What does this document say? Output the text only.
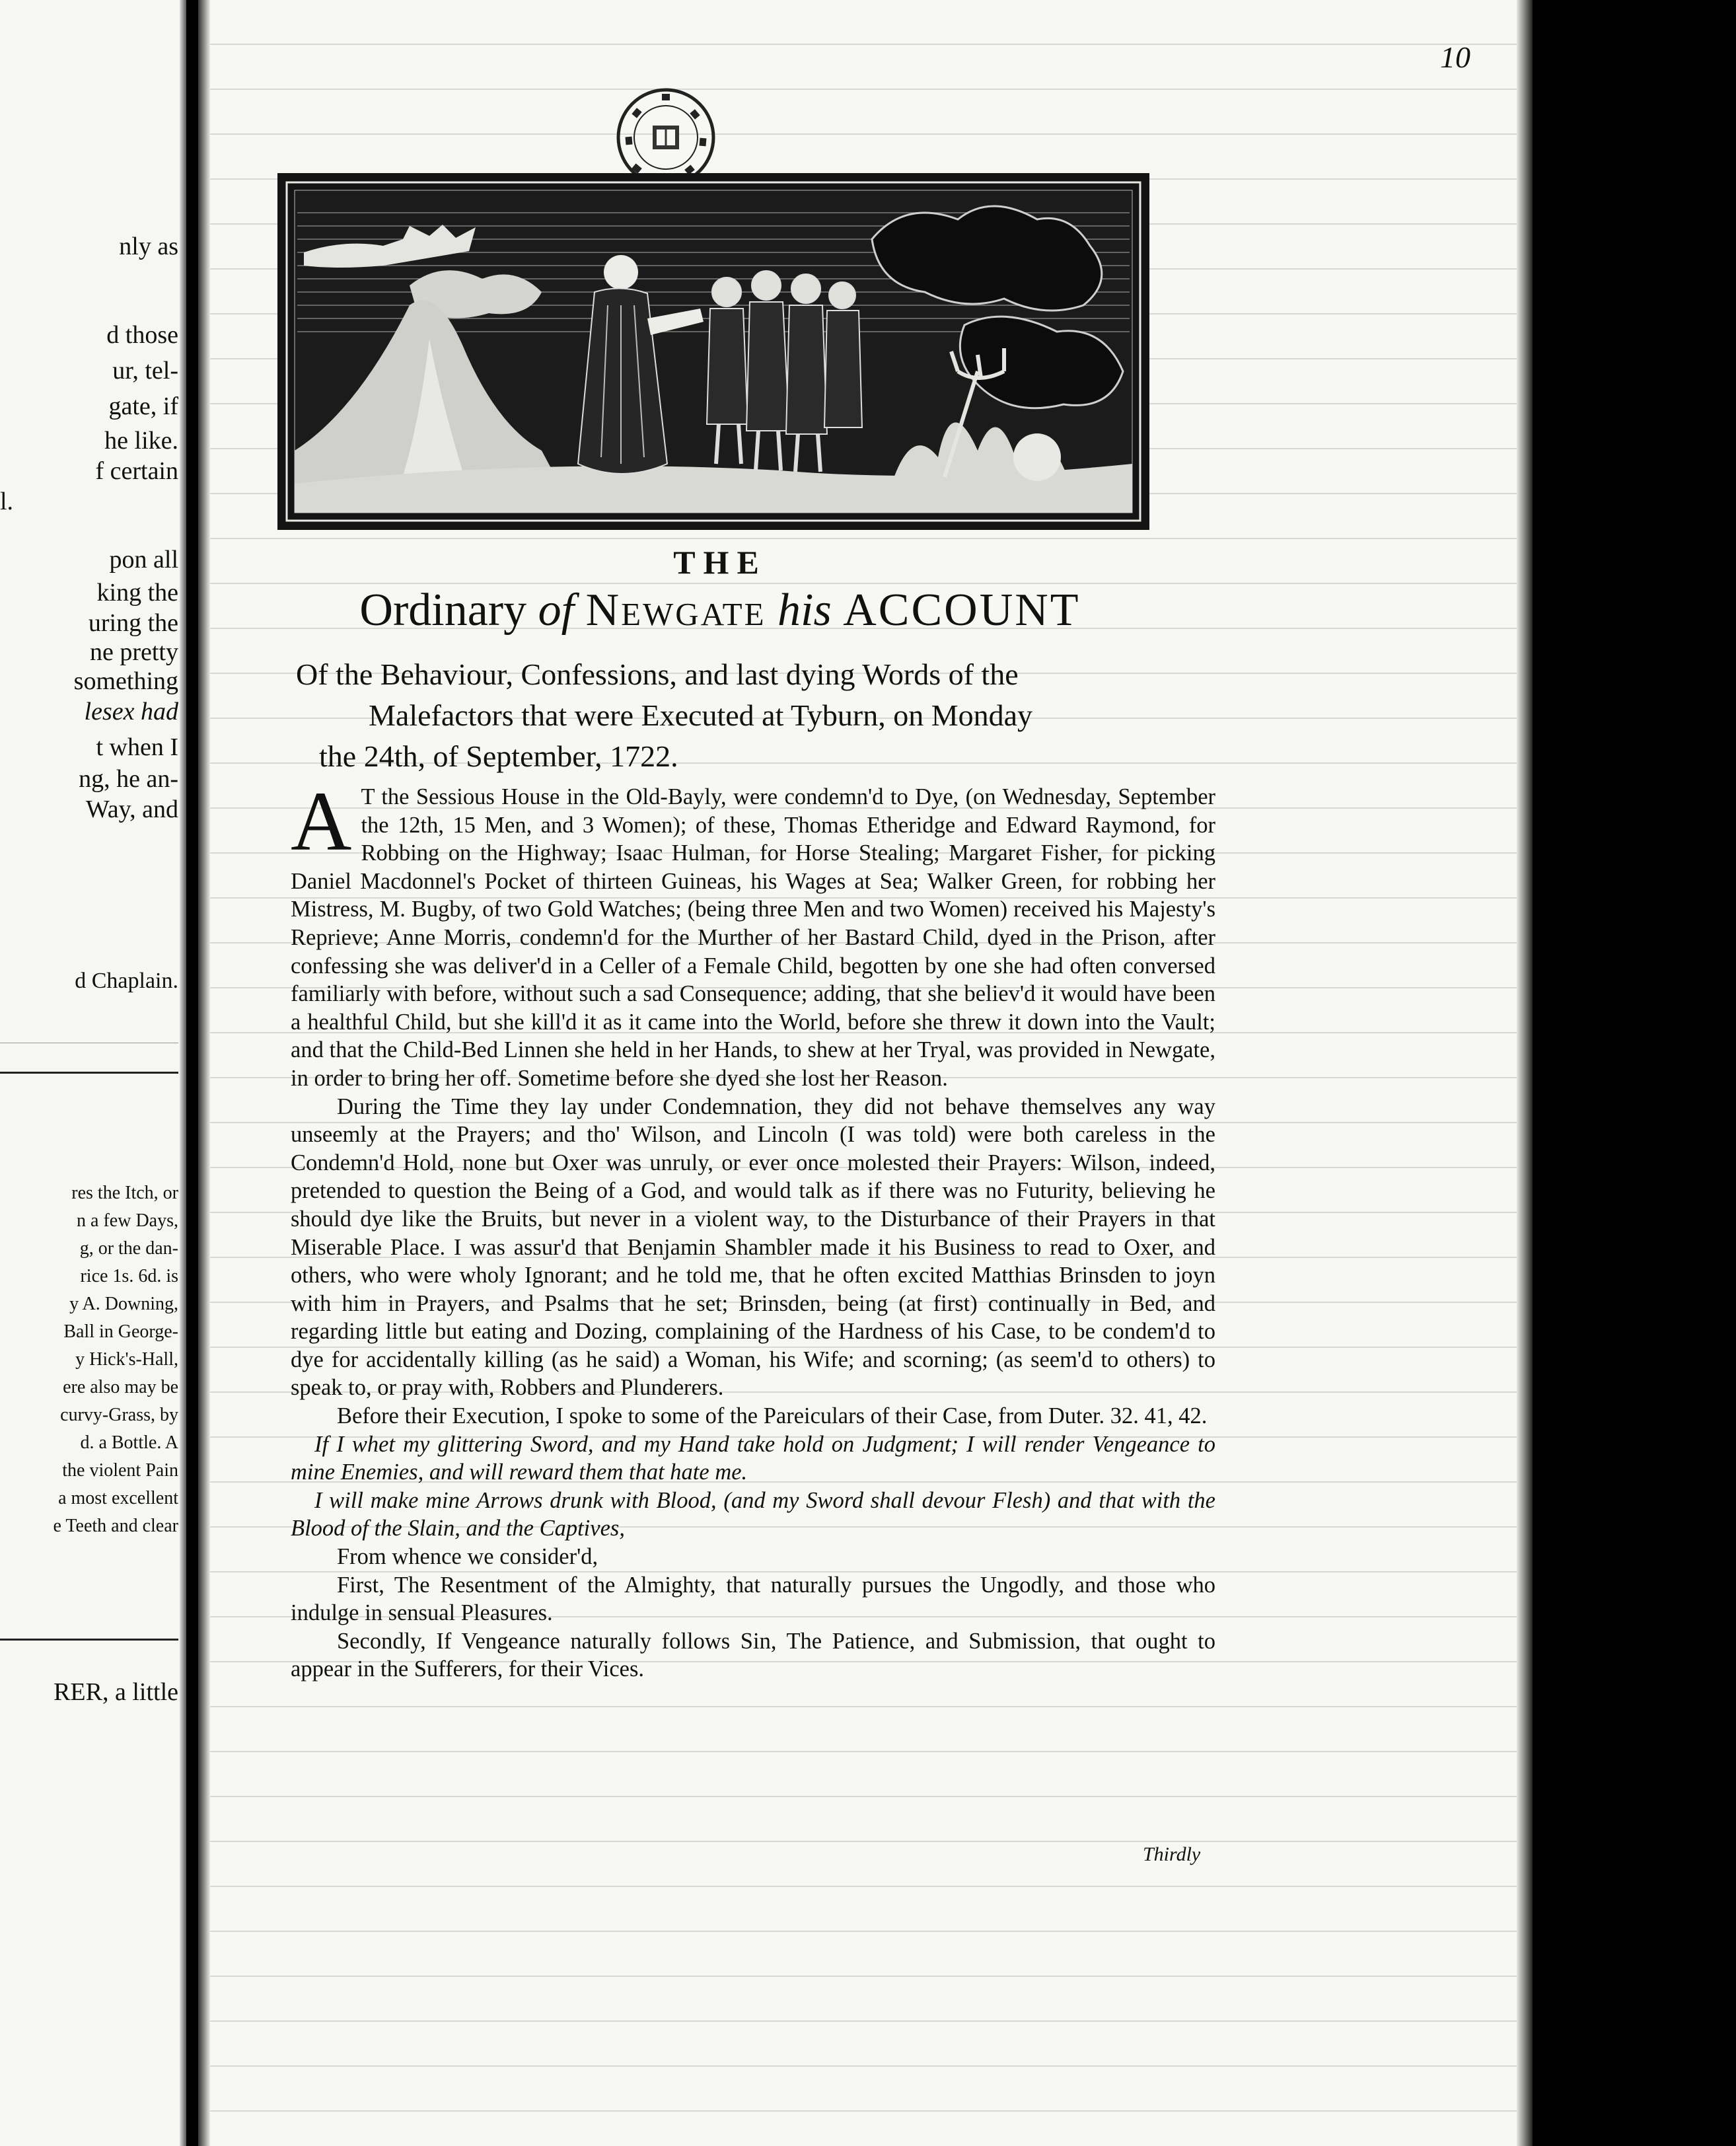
nly as
d those
ur, tel-
gate, if
he like.
f certain
l.
pon all
king the
uring the
ne pretty
something
lesex had
t when I
ng, he an-
Way, and
d Chaplain.
res the Itch, or
n a few Days,
g, or the dan-
rice 1s. 6d. is
y A. Downing,
Ball in George-
y Hick's-Hall,
ere also may be
curvy-Grass, by
d. a Bottle. A
the violent Pain
a most excellent
e Teeth and clear
RER, a little
10
THE
Ordinary of Newgate his ACCOUNT
Of the Behaviour, Confessions, and last dying Words of the
Malefactors that were Executed at Tyburn, on Monday
the 24th, of September, 1722.

A T the Sessious House in the Old-Bayly, were condemn'd to Dye, (on Wednesday, September the 12th, 15 Men, and 3 Women); of these, Thomas Etheridge and Edward Raymond, for Robbing on the Highway; Isaac Hulman, for Horse Stealing; Margaret Fisher, for picking Daniel Macdonnel's Pocket of thirteen Guineas, his Wages at Sea; Walker Green, for robbing her Mistress, M. Bugby, of two Gold Watches; (being three Men and two Women) received his Majesty's Reprieve; Anne Morris, condemn'd for the Murther of her Bastard Child, dyed in the Prison, after confessing she was deliver'd in a Celler of a Female Child, begotten by one she had often conversed familiarly with before, without such a sad Consequence; adding, that she believ'd it would have been a healthful Child, but she kill'd it as it came into the World, before she threw it down into the Vault; and that the Child-Bed Linnen she held in her Hands, to shew at her Tryal, was provided in Newgate, in order to bring her off. Sometime before she dyed she lost her Reason.

During the Time they lay under Condemnation, they did not behave themselves any way unseemly at the Prayers; and tho' Wilson, and Lincoln (I was told) were both careless in the Condemn'd Hold, none but Oxer was unruly, or ever once molested their Prayers: Wilson, indeed, pretended to question the Being of a God, and would talk as if there was no Futurity, believing he should dye like the Bruits, but never in a violent way, to the Disturbance of their Prayers in that Miserable Place. I was assur'd that Benjamin Shambler made it his Business to read to Oxer, and others, who were wholy Ignorant; and he told me, that he often excited Matthias Brinsden to joyn with him in Prayers, and Psalms that he set; Brinsden, being (at first) continually in Bed, and regarding little but eating and Dozing, complaining of the Hardness of his Case, to be condem'd to dye for accidentally killing (as he said) a Woman, his Wife; and scorning; (as seem'd to others) to speak to, or pray with, Robbers and Plunderers.

Before their Execution, I spoke to some of the Pareiculars of their Case, from Duter. 32. 41, 42.

If I whet my glittering Sword, and my Hand take hold on Judgment; I will render Vengeance to mine Enemies, and will reward them that hate me.

I will make mine Arrows drunk with Blood, (and my Sword shall devour Flesh) and that with the Blood of the Slain, and the Captives,

From whence we consider'd,

First, The Resentment of the Almighty, that naturally pursues the Ungodly, and those who indulge in sensual Pleasures.

Secondly, If Vengeance naturally follows Sin, The Patience, and Submission, that ought to appear in the Sufferers, for their Vices.

Thirdly
